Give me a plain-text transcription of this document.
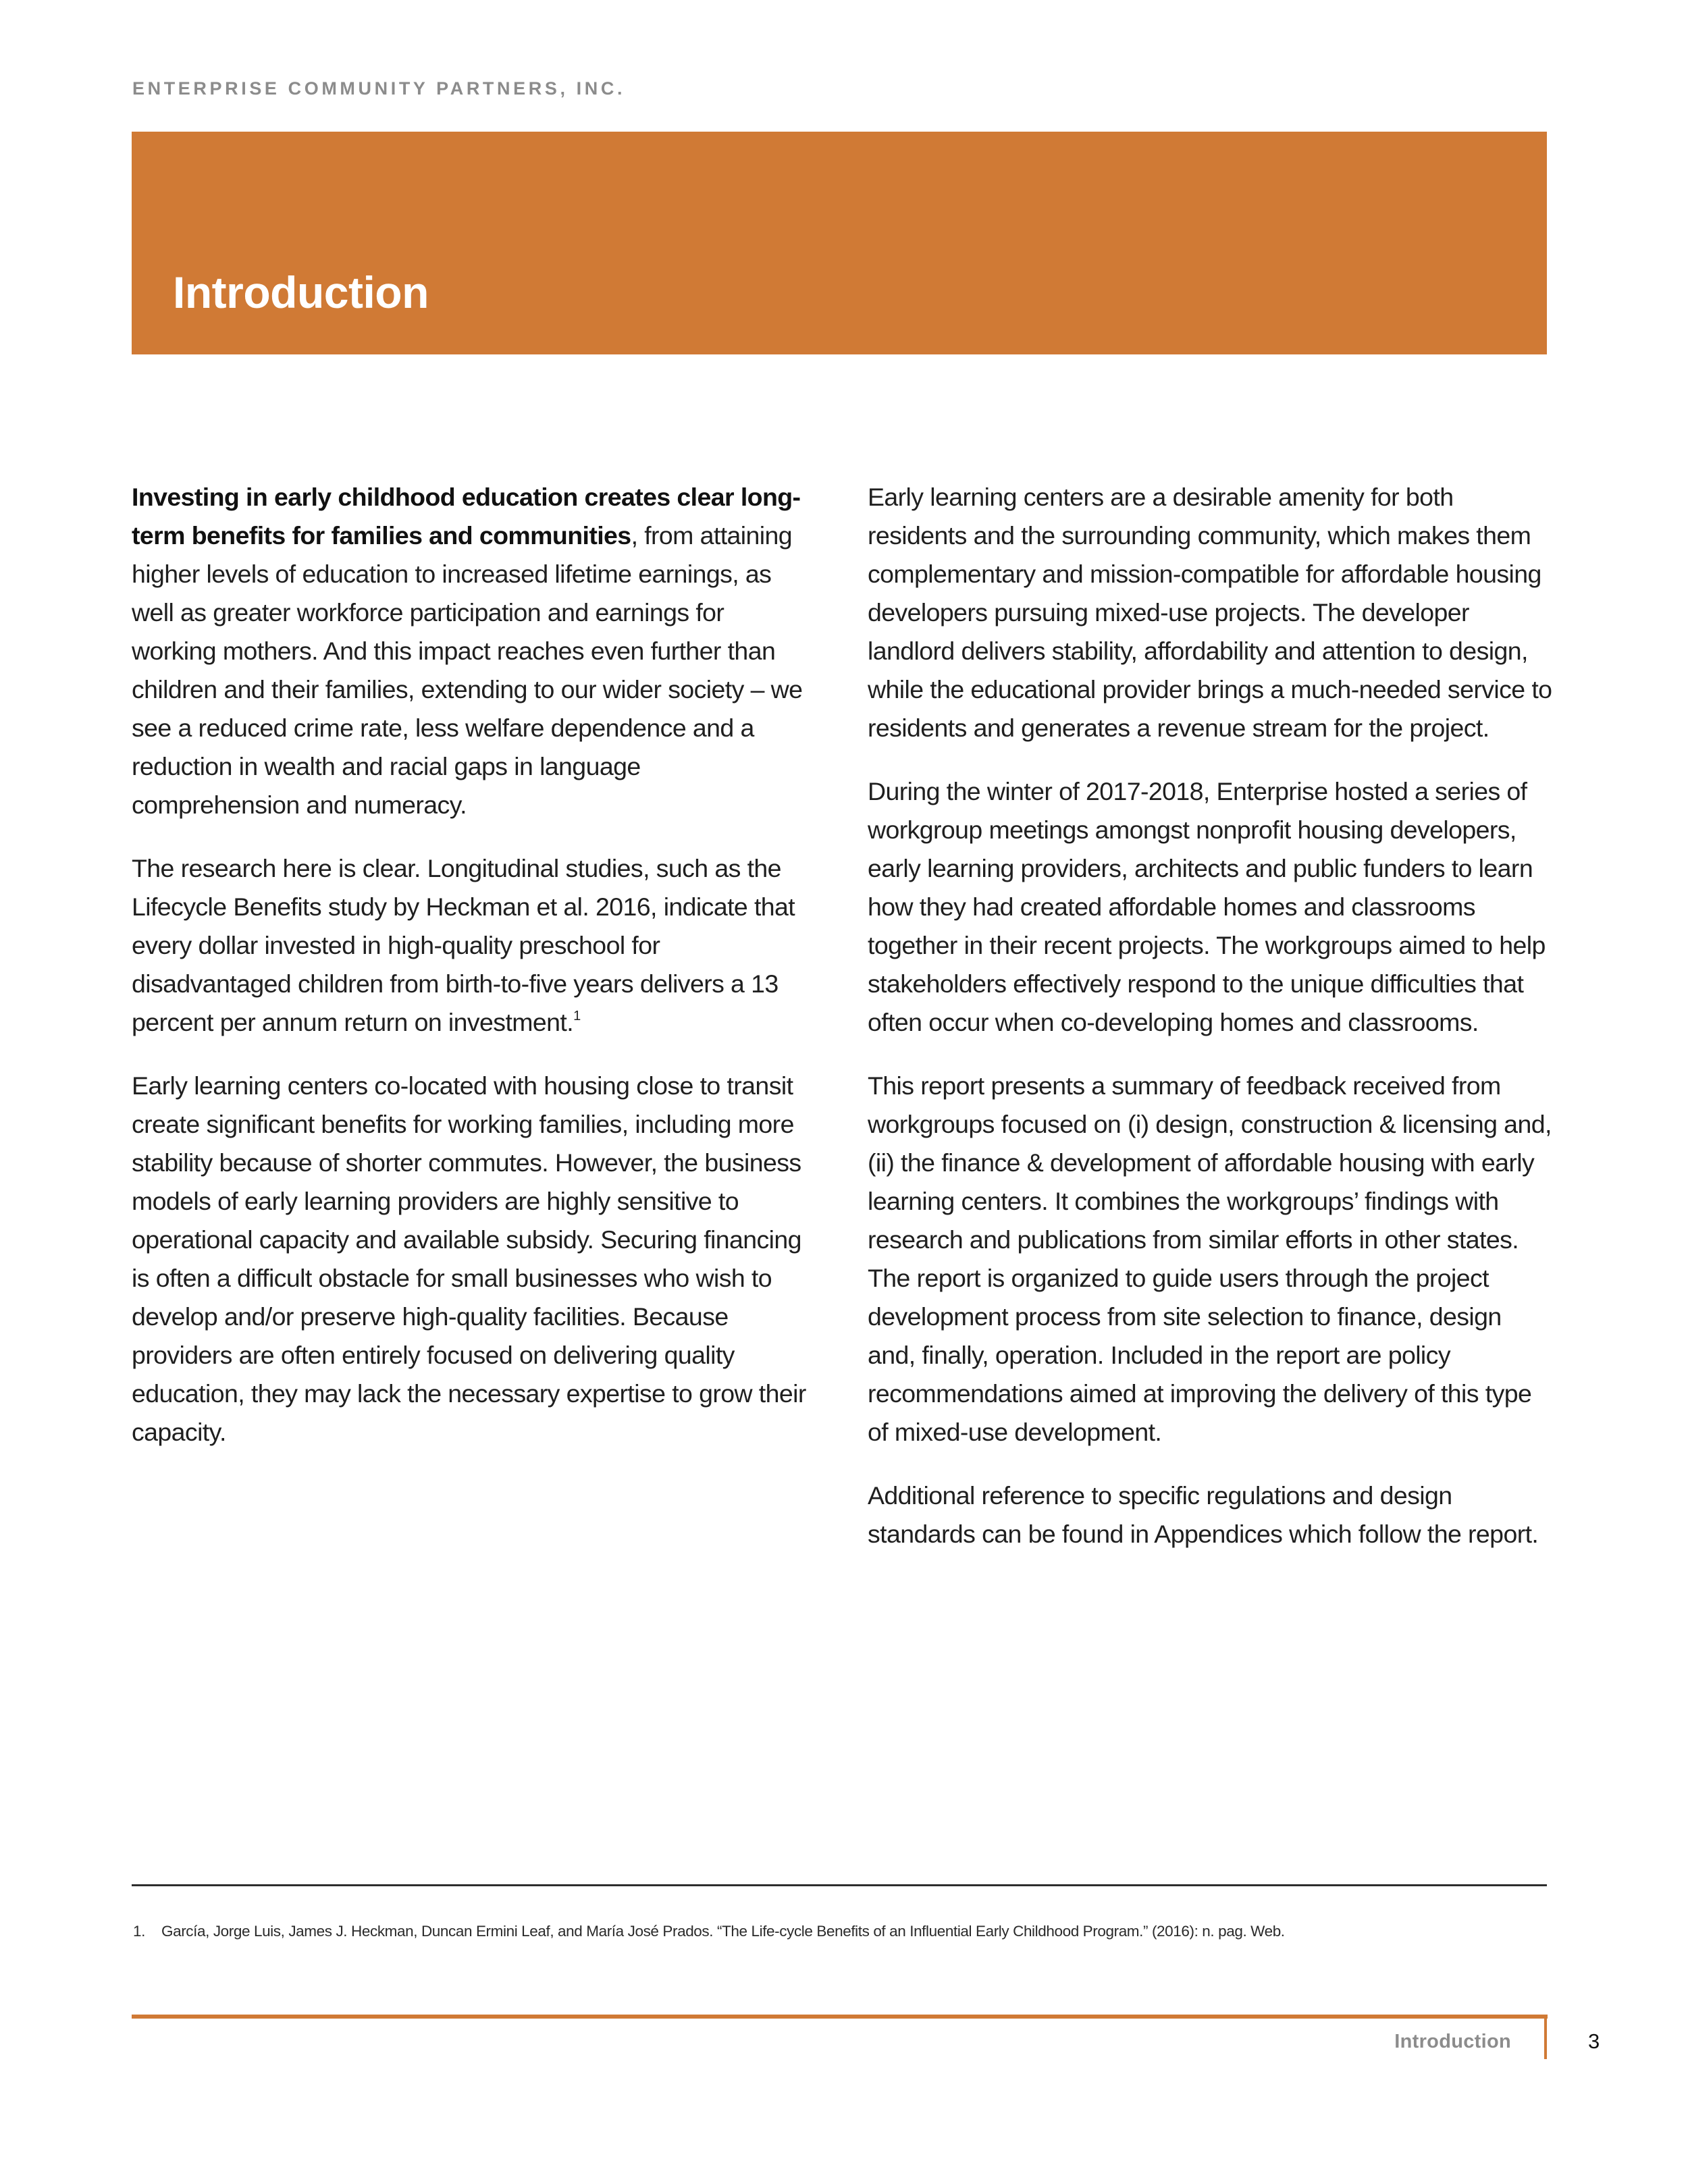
ENTERPRISE COMMUNITY PARTNERS, INC.
Introduction

Investing in early childhood education creates clear long-term benefits for families and communities, from attaining higher levels of education to increased lifetime earnings, as well as greater workforce participation and earnings for working mothers. And this impact reaches even further than children and their families, extending to our wider society – we see a reduced crime rate, less welfare dependence and a reduction in wealth and racial gaps in language comprehension and numeracy.

The research here is clear. Longitudinal studies, such as the Lifecycle Benefits study by Heckman et al. 2016, indicate that every dollar invested in high-quality preschool for disadvantaged children from birth-to-five years delivers a 13 percent per annum return on investment.$^1$

Early learning centers co-located with housing close to transit create significant benefits for working families, including more stability because of shorter commutes. However, the business models of early learning providers are highly sensitive to operational capacity and available subsidy. Securing financing is often a difficult obstacle for small businesses who wish to develop and/or preserve high-quality facilities. Because providers are often entirely focused on delivering quality education, they may lack the necessary expertise to grow their capacity.

Early learning centers are a desirable amenity for both residents and the surrounding community, which makes them complementary and mission-compatible for affordable housing developers pursuing mixed-use projects. The developer landlord delivers stability, affordability and attention to design, while the educational provider brings a much-needed service to residents and generates a revenue stream for the project.

During the winter of 2017-2018, Enterprise hosted a series of workgroup meetings amongst nonprofit housing developers, early learning providers, architects and public funders to learn how they had created affordable homes and classrooms together in their recent projects. The workgroups aimed to help stakeholders effectively respond to the unique difficulties that often occur when co-developing homes and classrooms.

This report presents a summary of feedback received from workgroups focused on (i) design, construction & licensing and, (ii) the finance & development of affordable housing with early learning centers. It combines the workgroups’ findings with research and publications from similar efforts in other states. The report is organized to guide users through the project development process from site selection to finance, design and, finally, operation. Included in the report are policy recommendations aimed at improving the delivery of this type of mixed-use development.

Additional reference to specific regulations and design standards can be found in Appendices which follow the report.

1. García, Jorge Luis, James J. Heckman, Duncan Ermini Leaf, and María José Prados. “The Life-cycle Benefits of an Influential Early Childhood Program.” (2016): n. pag. Web.
Introduction	3
